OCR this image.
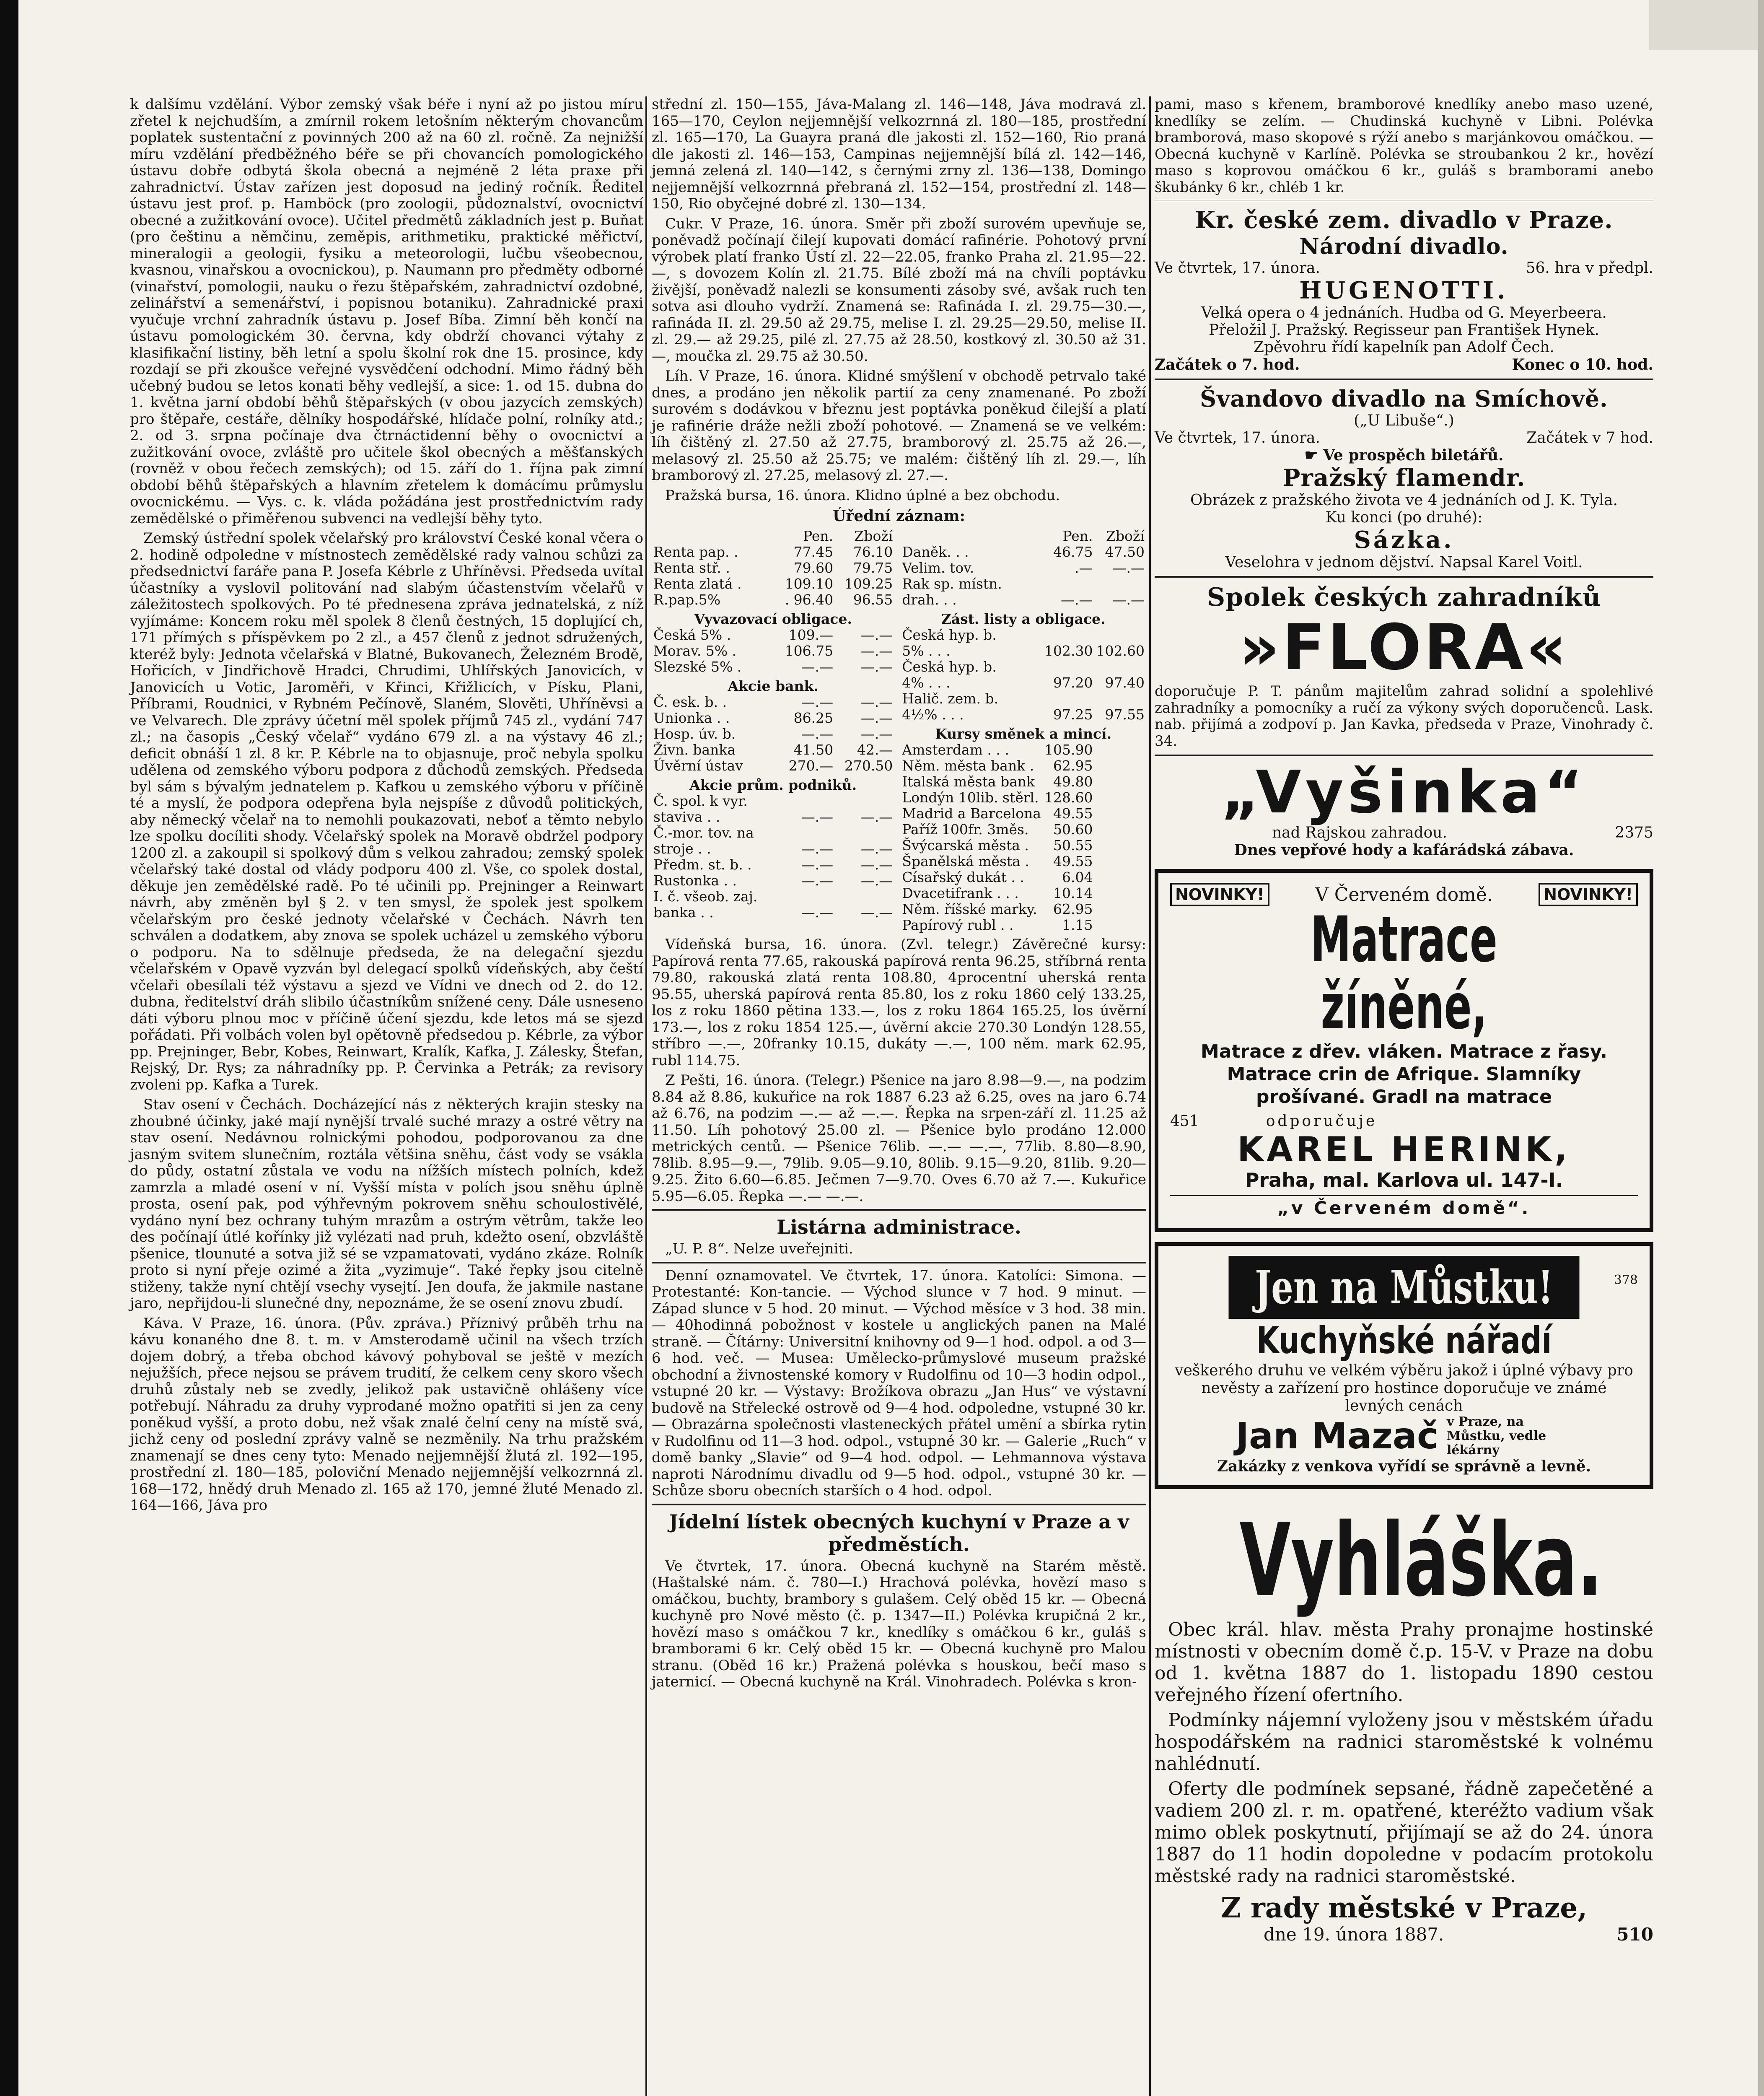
k dalšímu vzdělání. Výbor zemský však béře i nyní až po jistou míru zřetel k nejchudším, a zmírnil rokem letošním některým chovancům poplatek sustentační z povinných 200 až na 60 zl. ročně. Za nejnižší míru vzdělání předběžného béře se při chovancích pomologického ústavu dobře odbytá škola obecná a nejméně 2 léta praxe při zahradnictví. Ústav zařízen jest doposud na jediný ročník. Ředitel ústavu jest prof. p. Hamböck (pro zoologii, půdoznalství, ovocnictví obecné a zužitkování ovoce). Učitel předmětů základních jest p. Buňat (pro češtinu a němčinu, zeměpis, arithmetiku, praktické měřictví, mineralogii a geologii, fysiku a meteorologii, lučbu všeobecnou, kvasnou, vinařskou a ovocnickou), p. Naumann pro předměty odborné (vinařství, pomologii, nauku o řezu štěpařském, zahradnictví ozdobné, zelinářství a semenářství, i popisnou botaniku). Zahradnické praxi vyučuje vrchní zahradník ústavu p. Josef Bíba. Zimní běh končí na ústavu pomologickém 30. června, kdy obdrží chovanci výtahy z klasifikační listiny, běh letní a spolu školní rok dne 15. prosince, kdy rozdají se při zkoušce veřejné vysvědčení odchodní. Mimo řádný běh učebný budou se letos konati běhy vedlejší, a sice: 1. od 15. dubna do 1. května jarní období běhů štěpařských (v obou jazycích zemských) pro štěpaře, cestáře, dělníky hospodářské, hlídače polní, rolníky atd.; 2. od 3. srpna počínaje dva čtrnáctidenní běhy o ovocnictví a zužitkování ovoce, zvláště pro učitele škol obecných a měšťanských (rovněž v obou řečech zemských); od 15. září do 1. října pak zimní období běhů štěpařských a hlavním zřetelem k domácímu průmyslu ovocnickému. — Vys. c. k. vláda požádána jest prostřednictvím rady zemědělské o přiměřenou subvenci na vedlejší běhy tyto.

Zemský ústřední spolek včelařský pro království České konal včera o 2. hodině odpoledne v místnostech zemědělské rady valnou schůzi za předsednictví faráře pana P. Josefa Kébrle z Uhříněvsi. Předseda uvítal účastníky a vyslovil politování nad slabým účastenstvím včelařů v záležitostech spolkových. Po té přednesena zpráva jednatelská, z níž vyjímáme: Koncem roku měl spolek 8 členů čestných, 15 doplující ch, 171 přímých s příspěvkem po 2 zl., a 457 členů z jednot sdružených, kteréž byly: Jednota včelařská v Blatné, Bukovanech, Železném Brodě, Hořicích, v Jindřichově Hradci, Chrudimi, Uhlířských Janovicích, v Janovicích u Votic, Jaroměři, v Křinci, Křižlicích, v Písku, Plani, Příbrami, Roudnici, v Rybném Pečínově, Slaném, Slověti, Uhříněvsi a ve Velvarech. Dle zprávy účetní měl spolek příjmů 745 zl., vydání 747 zl.; na časopis „Český včelař“ vydáno 679 zl. a na výstavy 46 zl.; deficit obnáší 1 zl. 8 kr. P. Kébrle na to objasnuje, proč nebyla spolku udělena od zemského výboru podpora z důchodů zemských. Předseda byl sám s bývalým jednatelem p. Kafkou u zemského výboru v příčině té a myslí, že podpora odepřena byla nejspíše z důvodů politických, aby německý včelař na to nemohli poukazovati, neboť a těmto nebylo lze spolku docíliti shody. Včelařský spolek na Moravě obdržel podpory 1200 zl. a zakoupil si spolkový dům s velkou zahradou; zemský spolek včelařský také dostal od vlády podporu 400 zl. Vše, co spolek dostal, děkuje jen zemědělské radě. Po té učinili pp. Prejninger a Reinwart návrh, aby změněn byl § 2. v ten smysl, že spolek jest spolkem včelařským pro české jednoty včelařské v Čechách. Návrh ten schválen a dodatkem, aby znova se spolek ucházel u zemského výboru o podporu. Na to sdělnuje předseda, že na delegační sjezdu včelařském v Opavě vyzván byl delegací spolků vídeňských, aby čeští včelaři obesílali též výstavu a sjezd ve Vídni ve dnech od 2. do 12. dubna, ředitelství dráh slibilo účastníkům snížené ceny. Dále usneseno dáti výboru plnou moc v příčině účení sjezdu, kde letos má se sjezd pořádati. Při volbách volen byl opětovně předsedou p. Kébrle, za výbor pp. Prejninger, Bebr, Kobes, Reinwart, Kralík, Kafka, J. Zálesky, Štefan, Rejský, Dr. Rys; za náhradníky pp. P. Červinka a Petrák; za revisory zvoleni pp. Kafka a Turek.

Stav osení v Čechách. Docházející nás z některých krajin stesky na zhoubné účinky, jaké mají nynější trvalé suché mrazy a ostré větry na stav osení. Nedávnou rolnickými pohodou, podporovanou za dne jasným svitem slunečním, roztála většina sněhu, část vody se vsákla do půdy, ostatní zůstala ve vodu na nížších místech polních, kdež zamrzla a mladé osení v ní. Vyšší místa v polích jsou sněhu úplně prosta, osení pak, pod výhřevným pokrovem sněhu schoulostivělé, vydáno nyní bez ochrany tuhým mrazům a ostrým větrům, takže leo des počínají útlé kořínky již vylézati nad pruh, kdežto osení, obzvláště pšenice, tlounuté a sotva již sé se vzpamatovati, vydáno zkáze. Rolník proto si nyní přeje ozimé a žita „vyzimuje“. Také řepky jsou citelně stiženy, takže nyní chtějí vsechy vysejtí. Jen doufa, že jakmile nastane jaro, nepřijdou-li slunečné dny, nepoznáme, že se osení znovu zbudí.

Káva. V Praze, 16. února. (Pův. zpráva.) Příznivý průběh trhu na kávu konaného dne 8. t. m. v Amsterodamě učinil na všech trzích dojem dobrý, a třeba obchod kávový pohyboval se ještě v mezích nejužších, přece nejsou se právem trudití, že celkem ceny skoro všech druhů zůstaly neb se zvedly, jelikož pak ustavičně ohlášeny více potřebují. Náhradu za druhy vyprodané možno opatřiti si jen za ceny poněkud vyšší, a proto dobu, než však znalé čelní ceny na místě svá, jichž ceny od poslední zprávy valně se nezměnily. Na trhu pražském znamenají se dnes ceny tyto: Menado nejjemnější žlutá zl. 192—195, prostřední zl. 180—185, poloviční Menado nejjemnější velkozrnná zl. 168—172, hnědý druh Menado zl. 165 až 170, jemné žluté Menado zl. 164—166, Jáva pro

střední zl. 150—155, Jáva-Malang zl. 146—148, Jáva modravá zl. 165—170, Ceylon nejjemnější velkozrnná zl. 180—185, prostřední zl. 165—170, La Guayra praná dle jakosti zl. 152—160, Rio praná dle jakosti zl. 146—153, Campinas nejjemnější bílá zl. 142—146, jemná zelená zl. 140—142, s černými zrny zl. 136—138, Domingo nejjemnější velkozrnná přebraná zl. 152—154, prostřední zl. 148—150, Rio obyčejné dobré zl. 130—134.

Cukr. V Praze, 16. února. Směr při zboží surovém upevňuje se, poněvadž počínají čilejí kupovati domácí rafinérie. Pohotový první výrobek platí franko Ústí zl. 22—22.05, franko Praha zl. 21.95—22.—, s dovozem Kolín zl. 21.75. Bílé zboží má na chvíli poptávku živější, poněvadž nalezli se konsumenti zásoby své, avšak ruch ten sotva asi dlouho vydrží. Znamená se: Rafináda I. zl. 29.75—30.—, rafináda II. zl. 29.50 až 29.75, melise I. zl. 29.25—29.50, melise II. zl. 29.— až 29.25, pilé zl. 27.75 až 28.50, kostkový zl. 30.50 až 31.—, moučka zl. 29.75 až 30.50.

Líh. V Praze, 16. února. Klidné smýšlení v obchodě petrvalo také dnes, a prodáno jen několik partií za ceny znamenané. Po zboží surovém s dodávkou v březnu jest poptávka poněkud čilejší a platí je rafinérie dráže nežli zboží pohotové. — Znamená se ve velkém: líh čištěný zl. 27.50 až 27.75, bramborový zl. 25.75 až 26.—, melasový zl. 25.50 až 25.75; ve malém: čištěný líh zl. 29.—, líh bramborový zl. 27.25, melasový zl. 27.—.

Pražská bursa, 16. února. Klidno úplné a bez obchodu.

Úřední záznam:
	Pen.	Zboží
Renta pap. .	77.45	76.10
Renta stř. .	79.60	79.75
Renta zlatá .	109.10	109.25
R.pap.5%	. 96.40	96.55
Vyvazovací obligace.		
Česká 5% .	109.—	—.—
Morav. 5% .	106.75	—.—
Slezské 5% .	—.—	—.—
Akcie bank.		
Č. esk. b. .	—.—	—.—
Unionka . .	86.25	—.—
Hosp. úv. b.	—.—	—.—
Živn. banka	41.50	42.—
Úvěrní ústav	270.—	270.50
Akcie prům. podniků.		
Č. spol. k vyr.		
staviva . .	—.—	—.—
Č.-mor. tov. na		
stroje . .	—.—	—.—
Předm. st. b. .	—.—	—.—
Rustonka . .	—.—	—.—
I. č. všeob. zaj.		
banka . .	—.—	—.—
	Pen.	Zboží
Daněk. . .	46.75	47.50
Velim. tov.	.—	—.—
Rak sp. místn.		
drah. . .	—.—	—.—
Zást. listy a obligace.		
Česká hyp. b.		
5% . . .	102.30	102.60
Česká hyp. b.		
4% . . .	97.20	97.40
Halič. zem. b.		
4½% . . .	97.25	97.55
Kursy směnek a mincí.		
Amsterdam . . .	105.90	
Něm. města bank .	62.95	
Italská města bank	49.80	
Londýn 10lib. stěrl.	128.60	
Madrid a Barcelona	49.55	
Paříž 100fr. 3měs.	50.60	
Švýcarská města .	50.55	
Španělská města .	49.55	
Císařský dukát . .	6.04	
Dvacetifrank . . .	10.14	
Něm. říšské marky.	62.95	
Papírový rubl . .	1.15	

Vídeňská bursa, 16. února. (Zvl. telegr.) Závěrečné kursy: Papírová renta 77.65, rakouská papírová renta 96.25, stříbrná renta 79.80, rakouská zlatá renta 108.80, 4procentní uherská renta 95.55, uherská papírová renta 85.80, los z roku 1860 celý 133.25, los z roku 1860 pětina 133.—, los z roku 1864 165.25, los úvěrní 173.—, los z roku 1854 125.—, úvěrní akcie 270.30 Londýn 128.55, stříbro —.—, 20franky 10.15, dukáty —.—, 100 něm. mark 62.95, rubl 114.75.

Z Pešti, 16. února. (Telegr.) Pšenice na jaro 8.98—9.—, na podzim 8.84 až 8.86, kukuřice na rok 1887 6.23 až 6.25, oves na jaro 6.74 až 6.76, na podzim —.— až —.—. Řepka na srpen-září zl. 11.25 až 11.50. Líh pohotový 25.00 zl. — Pšenice bylo prodáno 12.000 metrických centů. — Pšenice 76lib. —.— —.—, 77lib. 8.80—8.90, 78lib. 8.95—9.—, 79lib. 9.05—9.10, 80lib. 9.15—9.20, 81lib. 9.20—9.25. Žito 6.60—6.85. Ječmen 7—9.70. Oves 6.70 až 7.—. Kukuřice 5.95—6.05. Řepka —.— —.—.

Listárna administrace.

„U. P. 8“. Nelze uveřejniti.

Denní oznamovatel. Ve čtvrtek, 17. února. Katolíci: Simona. — Protestanté: Kon-tancie. — Východ slunce v 7 hod. 9 minut. — Západ slunce v 5 hod. 20 minut. — Východ měsíce v 3 hod. 38 min. — 40hodinná pobožnost v kostele u anglických panen na Malé straně. — Čítárny: Universitní knihovny od 9—1 hod. odpol. a od 3—6 hod. več. — Musea: Umělecko-průmyslové museum pražské obchodní a živnostenské komory v Rudolfinu od 10—3 hodin odpol., vstupné 20 kr. — Výstavy: Brožíkova obrazu „Jan Hus“ ve výstavní budově na Střelecké ostrově od 9—4 hod. odpoledne, vstupné 30 kr. — Obrazárna společnosti vlasteneckých přátel umění a sbírka rytin v Rudolfinu od 11—3 hod. odpol., vstupné 30 kr. — Galerie „Ruch“ v domě banky „Slavie“ od 9—4 hod. odpol. — Lehmannova výstava naproti Národnímu divadlu od 9—5 hod. odpol., vstupné 30 kr. — Schůze sboru obecních starších o 4 hod. odpol.

Jídelní lístek obecných kuchyní v Praze a v předměstích.

Ve čtvrtek, 17. února. Obecná kuchyně na Starém městě. (Haštalské nám. č. 780—I.) Hrachová polévka, hovězí maso s omáčkou, buchty, brambory s gulašem. Celý oběd 15 kr. — Obecná kuchyně pro Nové město (č. p. 1347—II.) Polévka krupičná 2 kr., hovězí maso s omáčkou 7 kr., knedlíky s omáčkou 6 kr., guláš s bramborami 6 kr. Celý oběd 15 kr. — Obecná kuchyně pro Malou stranu. (Oběd 16 kr.) Pražená polévka s houskou, bečí maso s jaternicí. — Obecná kuchyně na Král. Vinohradech. Polévka s kron-

pami, maso s křenem, bramborové knedlíky anebo maso uzené, knedlíky se zelím. — Chudinská kuchyně v Libni. Polévka bramborová, maso skopové s rýží anebo s marjánkovou omáčkou. — Obecná kuchyně v Karlíně. Polévka se stroubankou 2 kr., hovězí maso s koprovou omáčkou 6 kr., guláš s bramborami anebo škubánky 6 kr., chléb 1 kr.

Kr. české zem. divadlo v Praze.
Národní divadlo.
Ve čtvrtek, 17. února.	56. hra v předpl.
HUGENOTTI.
Velká opera o 4 jednáních. Hudba od G. Meyerbeera.
Přeložil J. Pražský. Regisseur pan František Hynek.
Zpěvohru řídí kapelník pan Adolf Čech.
Začátek o 7. hod.	Konec o 10. hod.
Švandovo divadlo na Smíchově.
(„U Libuše“.)
Ve čtvrtek, 17. února.	Začátek v 7 hod.
☛ Ve prospěch biletářů.
Pražský flamendr.
Obrázek z pražského života ve 4 jednáních od J. K. Tyla.
Ku konci (po druhé):
Sázka.
Veselohra v jednom dějství. Napsal Karel Voitl.
Spolek českých zahradníků
»FLORA«

doporučuje P. T. pánům majitelům zahrad solidní a spolehlivé zahradníky a pomocníky a ručí za výkony svých doporučenců. Lask. nab. přijímá a zodpoví p. Jan Kavka, předseda v Praze, Vinohrady č. 34.

„Vyšinka“
nad Rajskou zahradou.	2375
Dnes vepřové hody a kafárádská zábava.
NOVINKY!	V Červeném domě.	NOVINKY!
Matrace žíněné,
Matrace z dřev. vláken. Matrace z řasy. Matrace crin de Afrique. Slamníky prošívané. Gradl na matrace
451	odporučuje
KAREL HERINK,
Praha, mal. Karlova ul. 147-I.
„v Červeném domě“.
Jen na Můstku!	378
Kuchyňské nářadí
veškerého druhu ve velkém výběru jakož i úplné výbavy pro nevěsty a zařízení pro hostince doporučuje ve známé levných cenách
Jan Mazač v Praze, na Můstku, vedle lékárny
Zakázky z venkova vyřídí se správně a levně.
Vyhláška.

Obec král. hlav. města Prahy pronajme hostinské místnosti v obecním domě č.p. 15-V. v Praze na dobu od 1. května 1887 do 1. listopadu 1890 cestou veřejného řízení ofertního.

Podmínky nájemní vyloženy jsou v městském úřadu hospodářském na radnici staroměstské k volnému nahlédnutí.

Oferty dle podmínek sepsané, řádně zapečetěné a vadiem 200 zl. r. m. opatřené, kteréžto vadium však mimo oblek poskytnutí, přijímají se až do 24. února 1887 do 11 hodin dopoledne v podacím protokolu městské rady na radnici staroměstské.

Z rady městské v Praze,
dne 19. února 1887.	510
